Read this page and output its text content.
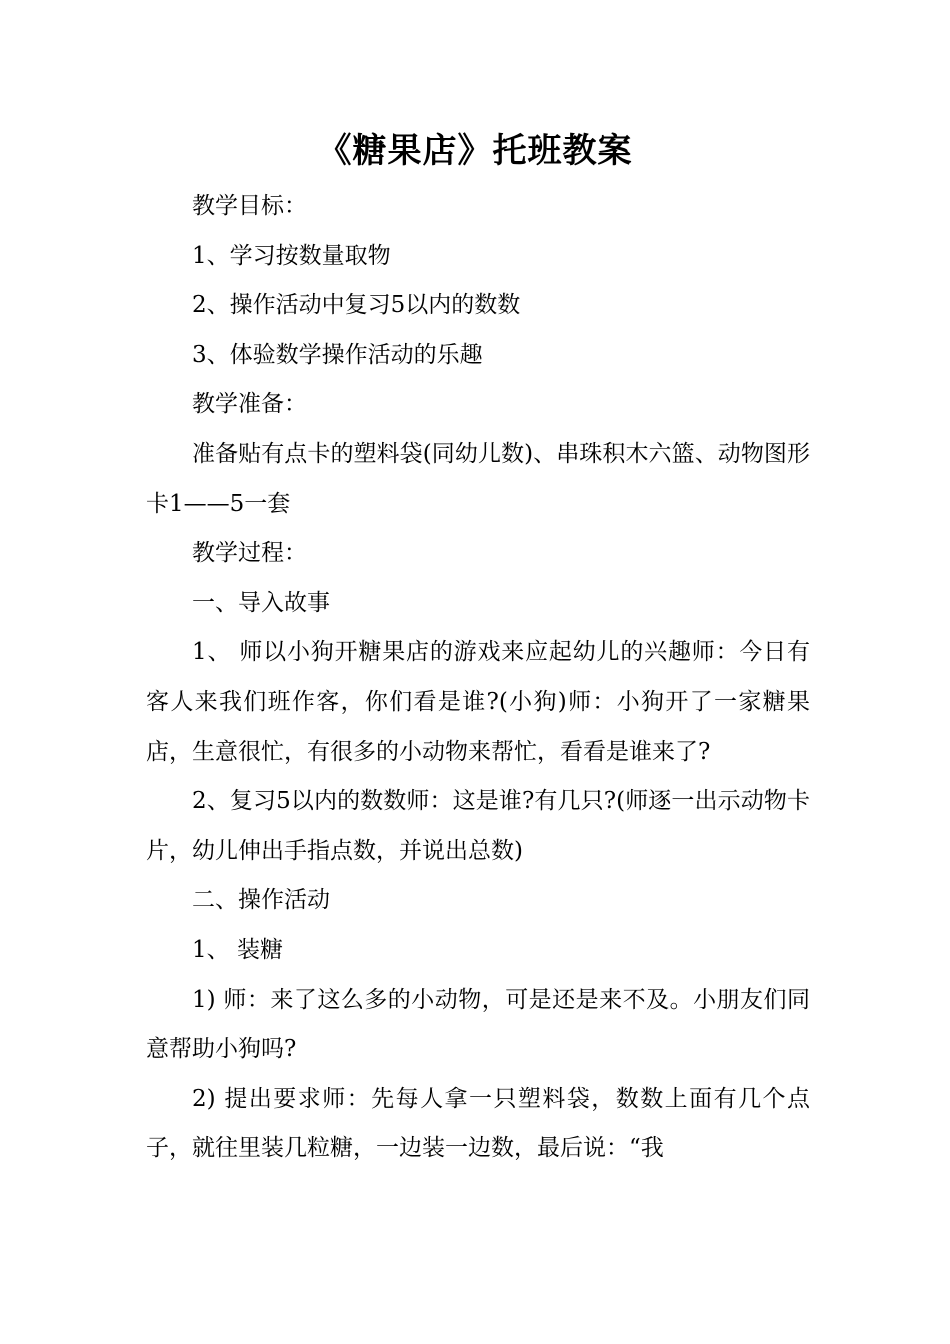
《糖果店》托班教案

教学目标：

1、学习按数量取物

2、操作活动中复习5以内的数数

3、体验数学操作活动的乐趣

教学准备：

准备贴有点卡的塑料袋(同幼儿数)、串珠积木六篮、动物图形卡1——5一套

教学过程：

一、导入故事

1、 师以小狗开糖果店的游戏来应起幼儿的兴趣师：今日有客人来我们班作客，你们看是谁?(小狗)师：小狗开了一家糖果店，生意很忙，有很多的小动物来帮忙，看看是谁来了?

2、复习5以内的数数师：这是谁?有几只?(师逐一出示动物卡片，幼儿伸出手指点数，并说出总数)

二、操作活动

1、 装糖

1) 师：来了这么多的小动物，可是还是来不及。小朋友们同意帮助小狗吗?

2) 提出要求师：先每人拿一只塑料袋，数数上面有几个点子，就往里装几粒糖，一边装一边数，最后说：“我
